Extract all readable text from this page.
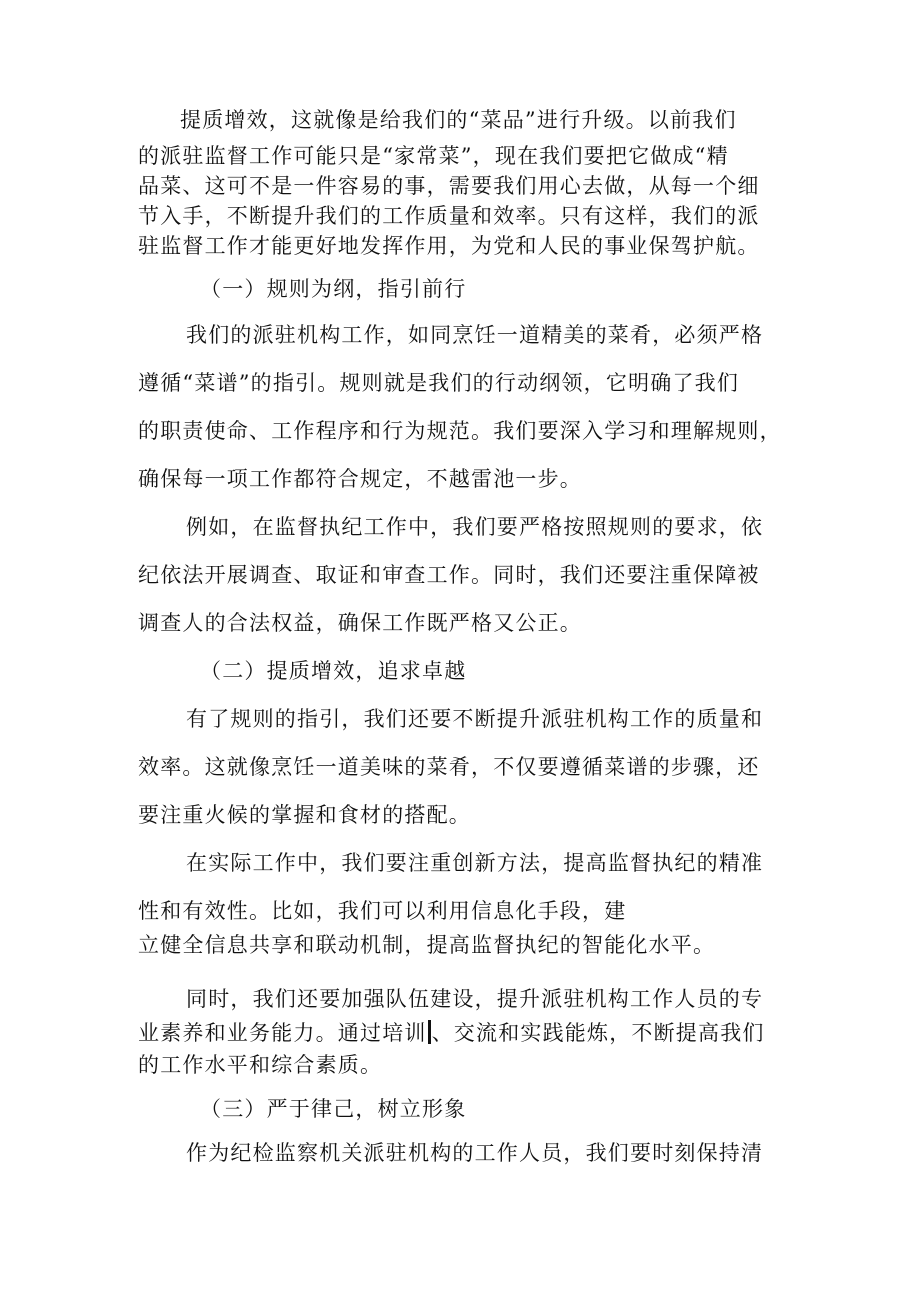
提质增效，这就像是给我们的“菜品”进行升级。以前我们
的派驻监督工作可能只是“家常菜”，现在我们要把它做成“精
品菜、这可不是一件容易的事，需要我们用心去做，从每一个细
节入手，不断提升我们的工作质量和效率。只有这样，我们的派
驻监督工作才能更好地发挥作用，为党和人民的事业保驾护航。
（一）规则为纲，指引前行
我们的派驻机构工作，如同烹饪一道精美的菜肴，必须严格
遵循“菜谱”的指引。规则就是我们的行动纲领，它明确了我们
的职责使命、工作程序和行为规范。我们要深入学习和理解规则，
确保每一项工作都符合规定，不越雷池一步。
例如，在监督执纪工作中，我们要严格按照规则的要求，依
纪依法开展调查、取证和审查工作。同时，我们还要注重保障被
调查人的合法权益，确保工作既严格又公正。
（二）提质增效，追求卓越
有了规则的指引，我们还要不断提升派驻机构工作的质量和
效率。这就像烹饪一道美味的菜肴，不仅要遵循菜谱的步骤，还
要注重火候的掌握和食材的搭配。
在实际工作中，我们要注重创新方法，提高监督执纪的精准
性和有效性。比如，我们可以利用信息化手段，建
立健全信息共享和联动机制，提高监督执纪的智能化水平。
同时，我们还要加强队伍建设，提升派驻机构工作人员的专
业素养和业务能力。通过培训 、交流和实践能炼，不断提高我们
的工作水平和综合素质。
（三）严于律己，树立形象
作为纪检监察机关派驻机构的工作人员，我们要时刻保持清
